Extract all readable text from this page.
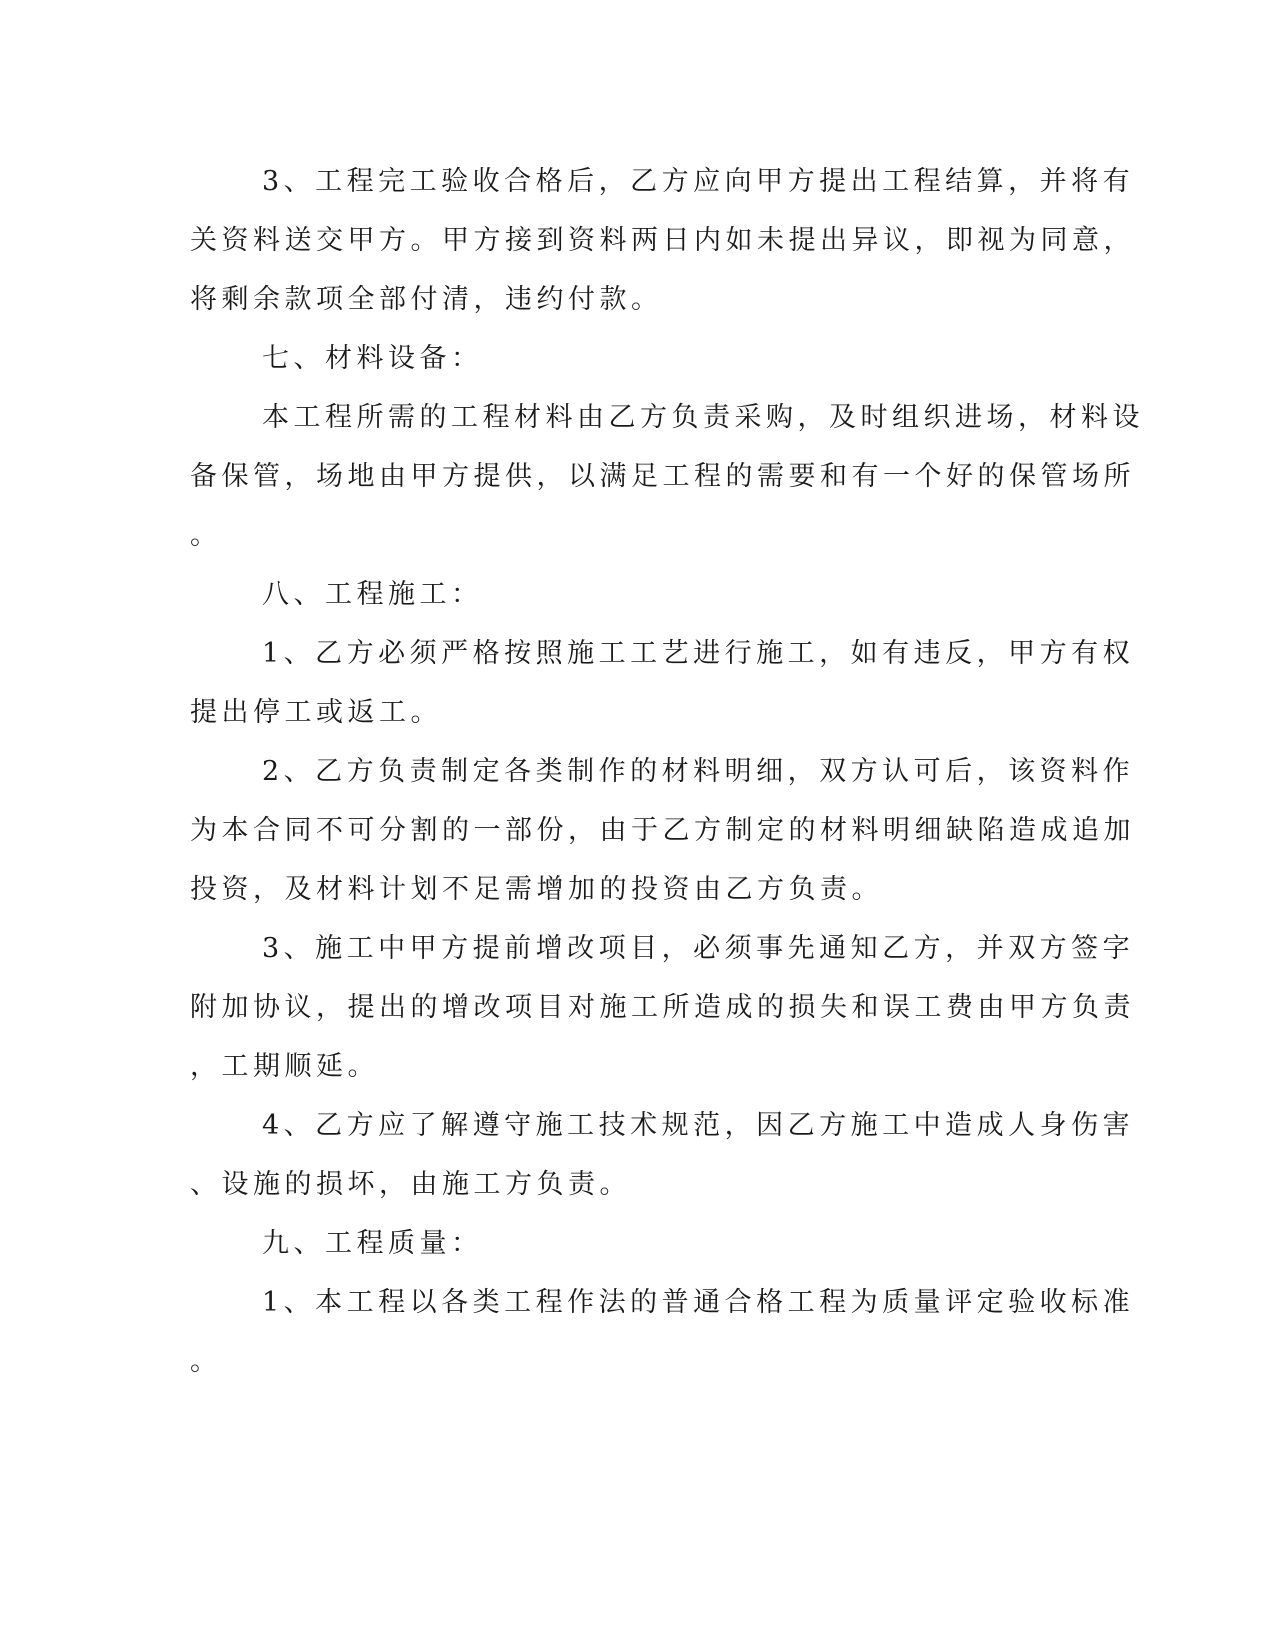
3、工程完工验收合格后，乙方应向甲方提出工程结算，并将有

关资料送交甲方。甲方接到资料两日内如未提出异议，即视为同意，

将剩余款项全部付清，违约付款。

七、材料设备：

本工程所需的工程材料由乙方负责采购，及时组织进场，材料设

备保管，场地由甲方提供，以满足工程的需要和有一个好的保管场所

。

八、工程施工：

1、乙方必须严格按照施工工艺进行施工，如有违反，甲方有权

提出停工或返工。

2、乙方负责制定各类制作的材料明细，双方认可后，该资料作

为本合同不可分割的一部份，由于乙方制定的材料明细缺陷造成追加

投资，及材料计划不足需增加的投资由乙方负责。

3、施工中甲方提前增改项目，必须事先通知乙方，并双方签字

附加协议，提出的增改项目对施工所造成的损失和误工费由甲方负责

，工期顺延。

4、乙方应了解遵守施工技术规范，因乙方施工中造成人身伤害

、设施的损坏，由施工方负责。

九、工程质量：

1、本工程以各类工程作法的普通合格工程为质量评定验收标准

。
